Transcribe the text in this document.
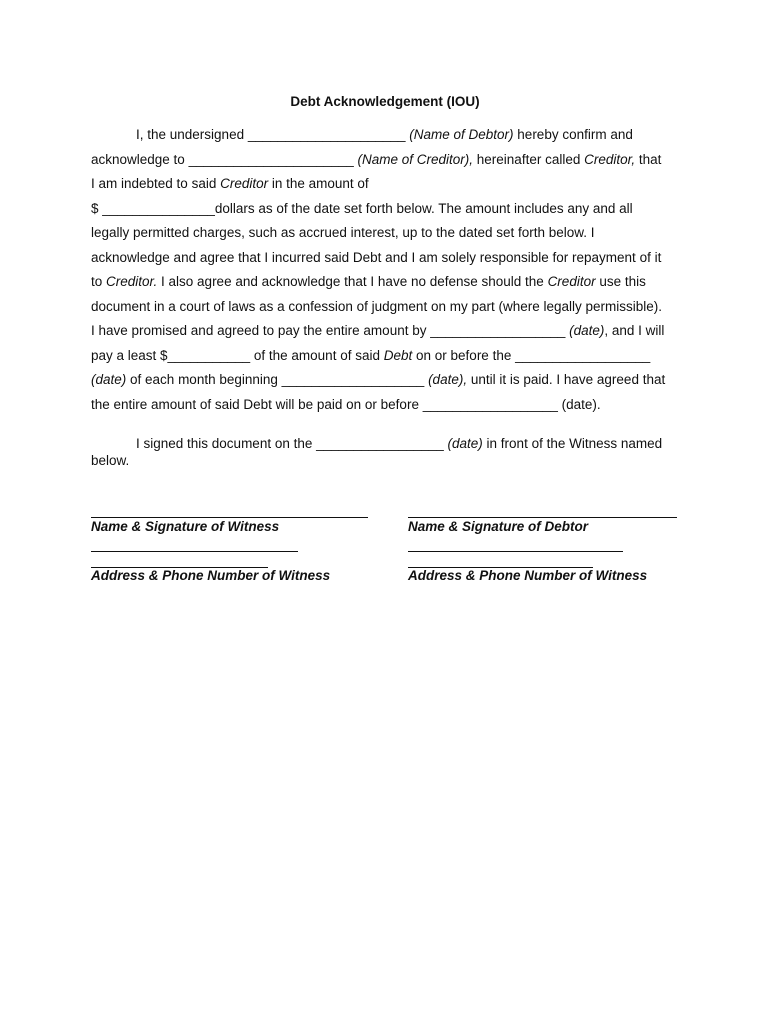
Debt Acknowledgement (IOU)

I, the undersigned _____________________ (Name of Debtor) hereby confirm and

acknowledge to ______________________ (Name of Creditor), hereinafter called Creditor, that

I am indebted to said Creditor in the amount of

$ _______________dollars as of the date set forth below. The amount includes any and all

legally permitted charges, such as accrued interest, up to the dated set forth below. I

acknowledge and agree that I incurred said Debt and I am solely responsible for repayment of it

to Creditor. I also agree and acknowledge that I have no defense should the Creditor use this

document in a court of laws as a confession of judgment on my part (where legally permissible).

I have promised and agreed to pay the entire amount by __________________ (date), and I will

pay a least $___________ of the amount of said Debt on or before the __________________

(date) of each month beginning ___________________ (date), until it is paid. I have agreed that

the entire amount of said Debt will be paid on or before __________________ (date).

I signed this document on the _________________ (date) in front of the Witness named

below.

Name & Signature of Witness
Address & Phone Number of Witness
Name & Signature of Debtor
Address & Phone Number of Witness
